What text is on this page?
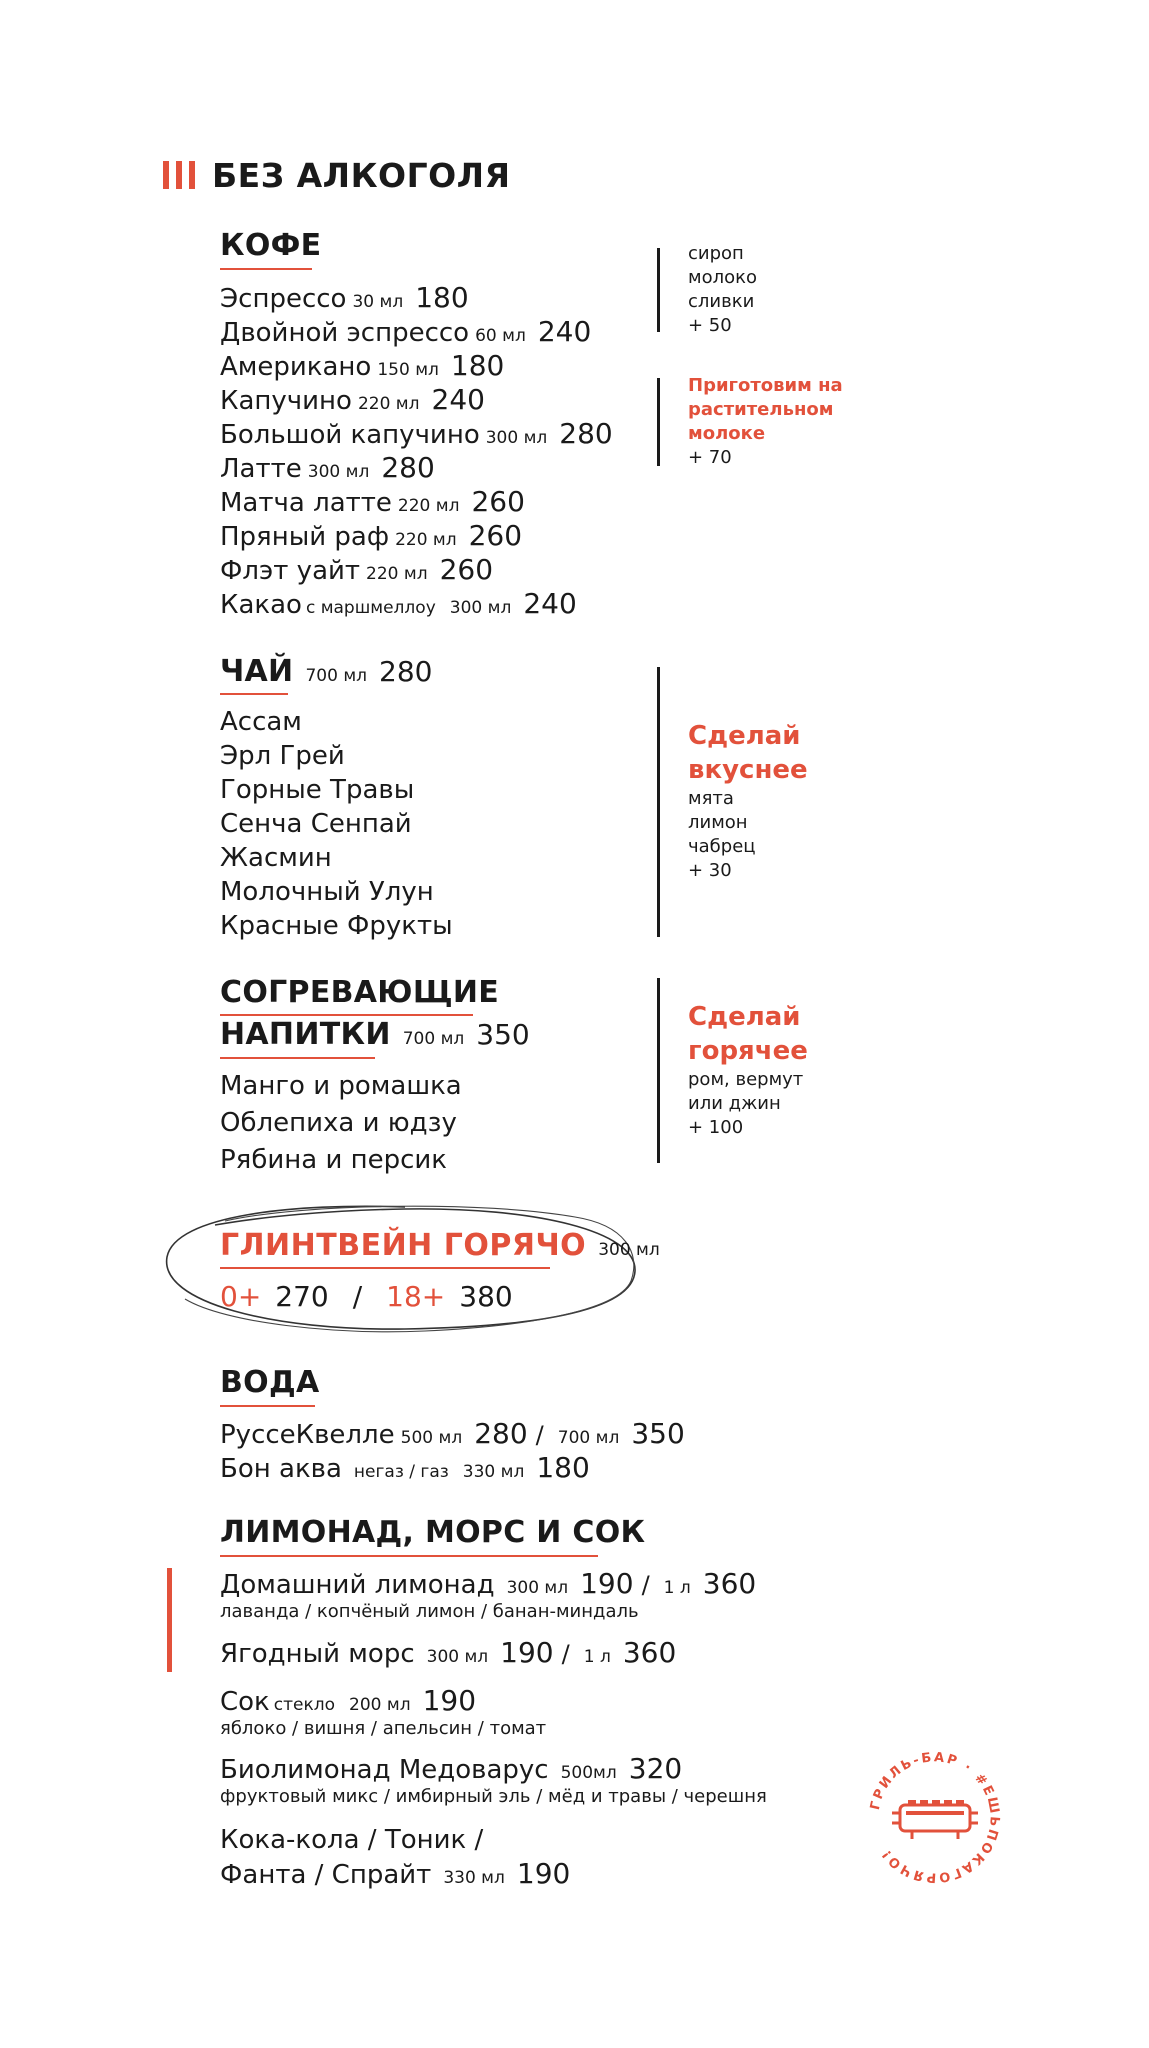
БЕЗ АЛКОГОЛЯ
КОФЕ
Эспрессо 30 мл 180
Двойной эспрессо 60 мл 240
Американо 150 мл 180
Капучино 220 мл 240
Большой капучино 300 мл 280
Латте 300 мл 280
Матча латте 220 мл 260
Пряный раф 220 мл 260
Флэт уайт 220 мл 260
Какао с маршмеллоу 300 мл 240
сироп
молоко
сливки
+ 50
Приготовим на
растительном
молоке
+ 70
ЧАЙ 700 мл 280
Ассам
Эрл Грей
Горные Травы
Сенча Сенпай
Жасмин
Молочный Улун
Красные Фрукты
Сделай
вкуснее
мята
лимон
чабрец
+ 30
СОГРЕВАЮЩИЕ
НАПИТКИ 700 мл 350
Манго и ромашка
Облепиха и юдзу
Рябина и персик
Сделай
горячее
ром, вермут
или джин
+ 100
ГЛИНТВЕЙН ГОРЯЧО 300 мл
0+ 270 / 18+ 380
ВОДА
РуссеКвелле 500 мл 280 / 700 мл 350
Бон аква негаз / газ 330 мл 180
ЛИМОНАД, МОРС И СОК
Домашний лимонад 300 мл 190 / 1 л 360
лаванда / копчёный лимон / банан-миндаль
Ягодный морс 300 мл 190 / 1 л 360
Сок стекло 200 мл 190
яблоко / вишня / апельсин / томат
Биолимонад Медоварус 500мл 320
фруктовый микс / имбирный эль / мёд и травы / черешня
Кока-кола / Тоник /
Фанта / Спрайт 330 мл 190
ГРИЛЬ-БАР · #ЕШЬПОКАГОРЯЧО!
